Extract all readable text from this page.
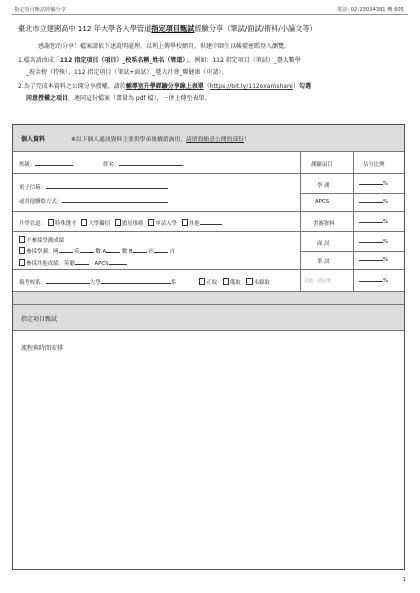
指定項目甄試經驗分享	電話: 02-23034381 轉 605
臺北市立建國高中 112 年大學各入學管道指定項目甄試經驗分享（筆試/面試/術科/小論文等）
感謝您的分享！檔案請依下述說明處理，以利上傳學校網頁，供建中師生以帳號密碼登入瀏覽。
1.檔名請改成「112 指定項目（項目）_校系名稱_姓名（管道）」。例如：112 指定項目（筆試）_臺大數學
_祝金榜（特殊）、112 指定項目（筆試+面試）_臺大社會_鄭健康（申請）。
2.為了完成本資料之公開分享授權，請於輔導室升學經驗分享線上表單（https://bit.ly/112examshare）勾選
同意授權之項目，連同這份檔案（盡量為 pdf 檔），一併上傳至表單。
個人資料	※以下個人通訊資料主要供學弟後續諮詢用，請填寫願意公開的部份！
班級：	姓名：	測驗項目	佔分比例
電子信箱：
或其他聯絡方式：
學 測	%
APCS	%
升學管道： 特殊選才 大學獨招 繁星推薦 申請入學 其他	書審資料	%
不參採學測成績
參採學測：國	英	數 A	數 B	社	自
參採其他成績：英聽	APCS
面 試	%
筆 試	%
報考校系：	大學	系	正取 備取 未錄取	其他 請註明	%
指定項目甄試
流程與時間安排
1
